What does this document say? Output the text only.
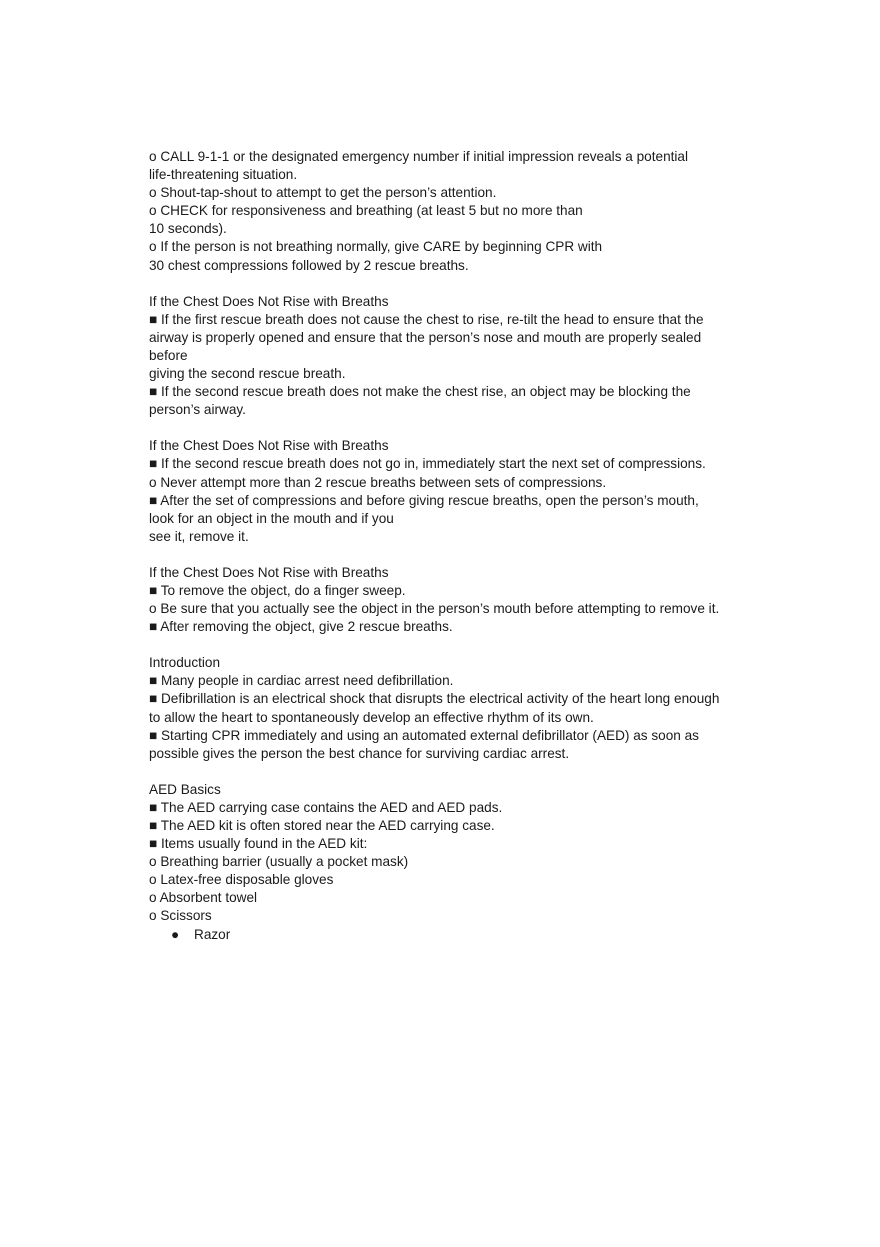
o CALL 9-1-1 or the designated emergency number if initial impression reveals a potential
life-threatening situation.
o Shout-tap-shout to attempt to get the person’s attention.
o CHECK for responsiveness and breathing (at least 5 but no more than
10 seconds).
o If the person is not breathing normally, give CARE by beginning CPR with
30 chest compressions followed by 2 rescue breaths.
If the Chest Does Not Rise with Breaths
■ If the first rescue breath does not cause the chest to rise, re-tilt the head to ensure that the
airway is properly opened and ensure that the person’s nose and mouth are properly sealed
before
giving the second rescue breath.
■ If the second rescue breath does not make the chest rise, an object may be blocking the
person’s airway.
If the Chest Does Not Rise with Breaths
■ If the second rescue breath does not go in, immediately start the next set of compressions.
o Never attempt more than 2 rescue breaths between sets of compressions.
■ After the set of compressions and before giving rescue breaths, open the person’s mouth,
look for an object in the mouth and if you
see it, remove it.
If the Chest Does Not Rise with Breaths
■ To remove the object, do a finger sweep.
o Be sure that you actually see the object in the person’s mouth before attempting to remove it.
■ After removing the object, give 2 rescue breaths.
Introduction
■ Many people in cardiac arrest need defibrillation.
■ Defibrillation is an electrical shock that disrupts the electrical activity of the heart long enough
to allow the heart to spontaneously develop an effective rhythm of its own.
■ Starting CPR immediately and using an automated external defibrillator (AED) as soon as
possible gives the person the best chance for surviving cardiac arrest.
AED Basics
■ The AED carrying case contains the AED and AED pads.
■ The AED kit is often stored near the AED carrying case.
■ Items usually found in the AED kit:
o Breathing barrier (usually a pocket mask)
o Latex-free disposable gloves
o Absorbent towel
o Scissors
● Razor
